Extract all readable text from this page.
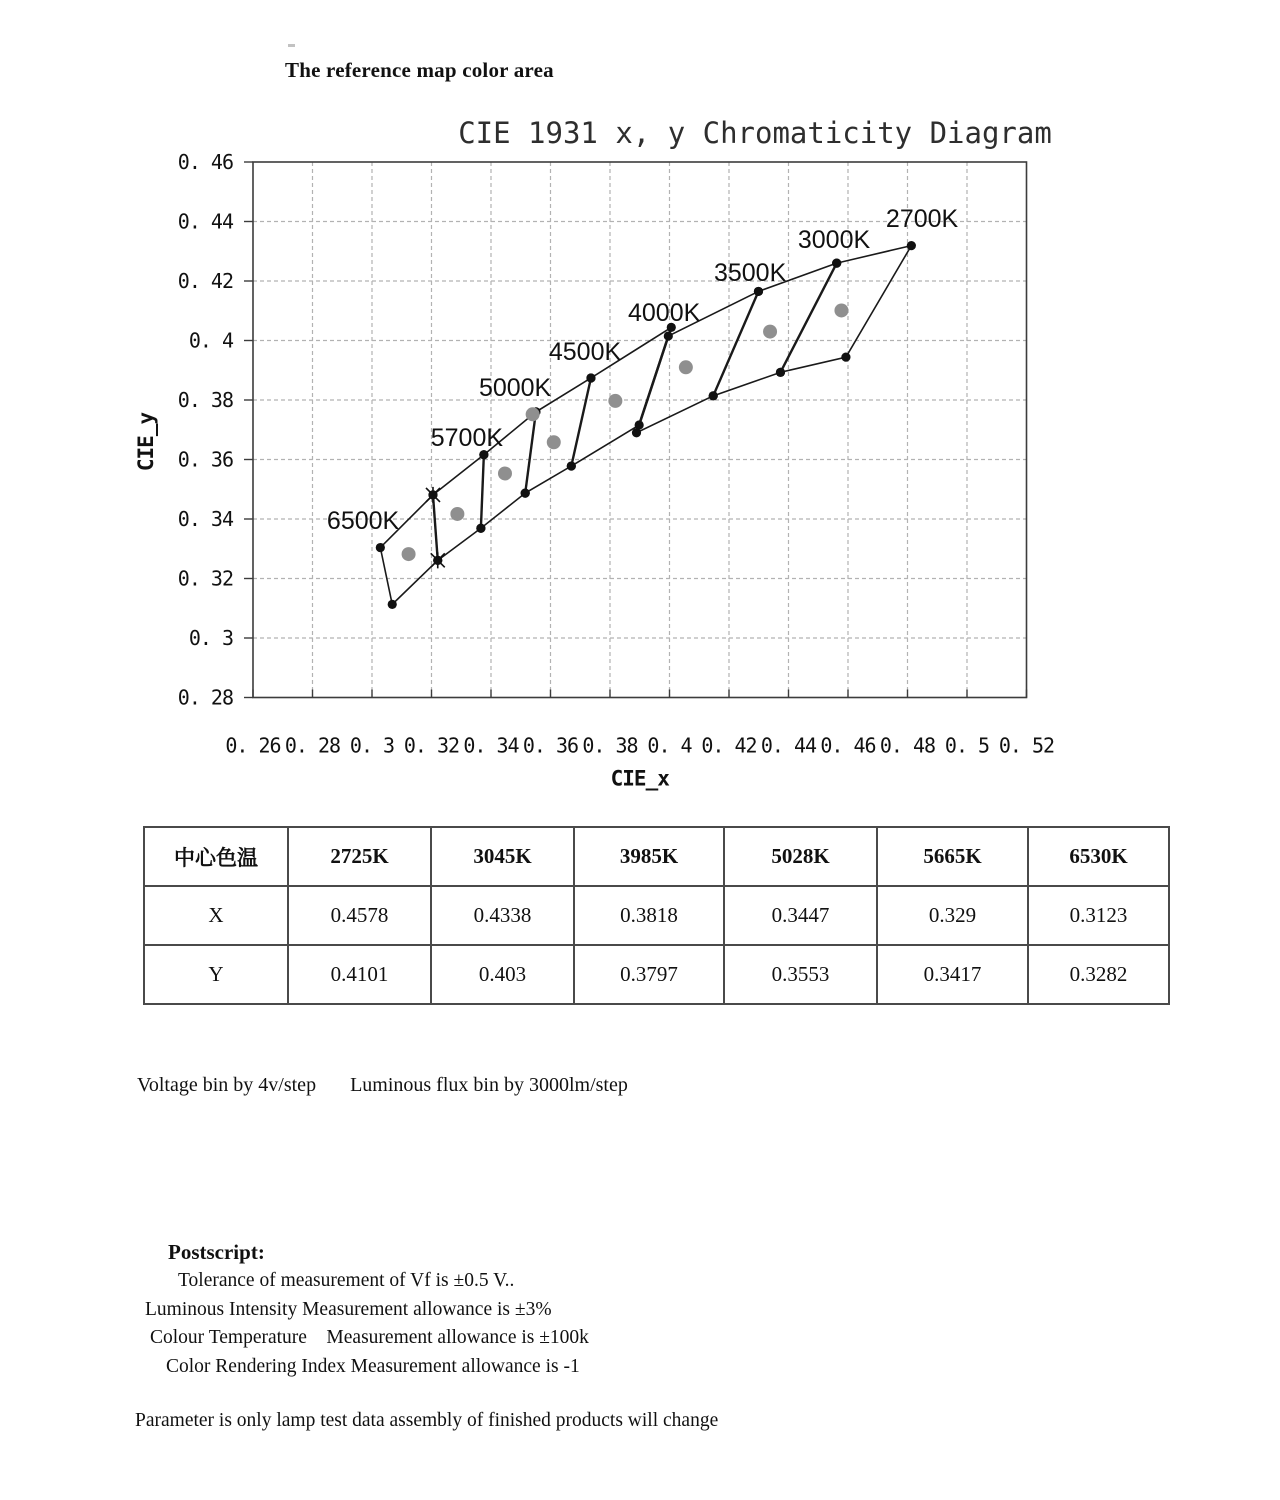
The reference map color area
0. 26 0. 28 0. 3 0. 32 0. 34 0. 36 0. 38 0. 4 0. 42 0. 44 0. 46 0. 48 0. 5 0. 52
0. 46
0. 44
0. 42
0. 4
0. 38
0. 36
0. 34
0. 32
0. 3
0. 28
CIE 1931 x, y Chromaticity Diagram
CIE_x
CIE_y
2700K
3000K
3500K
4000K
4500K
5000K
5700K
6500K
中心色温	2725K	3045K	3985K	5028K	5665K	6530K
X	0.4578	0.4338	0.3818	0.3447	0.329	0.3123
Y	0.4101	0.403	0.3797	0.3553	0.3417	0.3282
Voltage bin by 4v/step Luminous flux bin by 3000lm/step
Postscript:
Tolerance of measurement of Vf is ±0.5 V..
Luminous Intensity Measurement allowance is ±3%
Colour Temperature    Measurement allowance is ±100k
Color Rendering Index Measurement allowance is -1
Parameter is only lamp test data assembly of finished products will change
